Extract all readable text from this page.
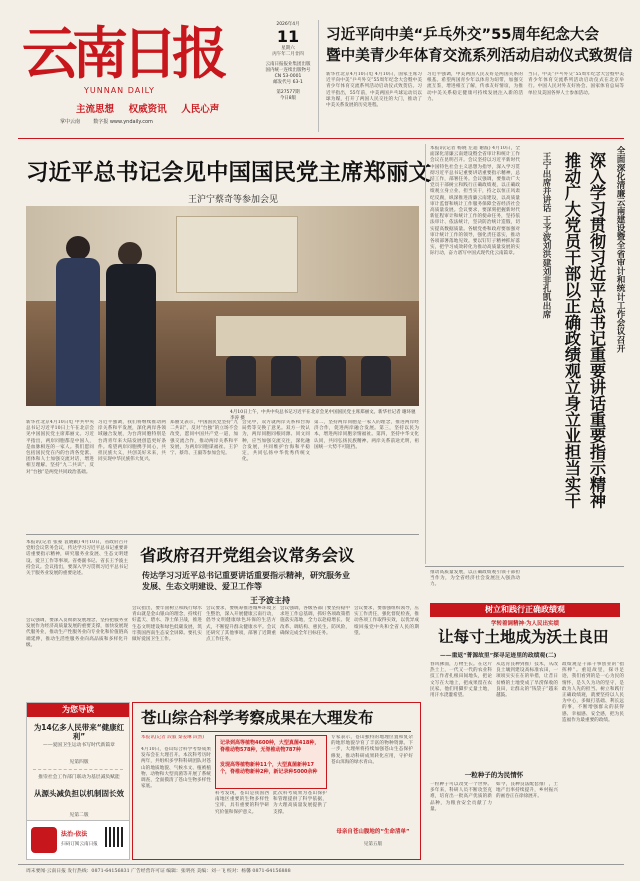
云南日报
YUNNAN DAILY
主流思想 权威资讯 人民心声
掌中云南	数字报 www.yndaily.com
2026年4月
11
星期六
丙午年二月廿四
云南日报报业集团出版
国内统一连续出版物号
CN 53-0001
邮发代号 63-1
第27577期
今日8版
习近平向中美“乒乓外交”55周年纪念大会
暨中美青少年体育交流系列活动启动仪式致贺信
新华社北京4月10日电 4月10日，国家主席习近平向中美“乒乓外交”55周年纪念大会暨中美青少年体育交流系列活动启动仪式致贺信。习近平指出，55年前，中美两国乒乓球运动员以球为媒，打开了两国人民交往的大门，推动了中美关系发展的历史进程。
习近平强调，中美两国人民友好是两国关系的根基。希望两国青少年以体育为纽带，加强交流互鉴，增进相互了解，传承友好情谊，为推动中美关系稳定健康可持续发展注入新的活力。
当日，中美“乒乓外交”55周年纪念大会暨中美青少年体育交流系列活动启动仪式在北京举行。中国人民对外友好协会、国家体育总局等单位及美国各界人士参加活动。
习近平总书记会见中国国民党主席郑丽文
王沪宁蔡奇等参加会见
4月10日上午，中共中央总书记习近平在北京会见中国国民党主席郑丽文。新华社记者 谢环驰 李涛 摄
新华社北京4月10日电 中共中央总书记习近平10日上午在北京会见中国国民党主席郑丽文。习近平指出，两岸同胞都是中国人，是血脉相连的一家人。我们愿同包括国民党在内的台湾各党派、团体和人士加强交流对话，增进相互理解。坚持“九二共识”、反对“台独”是两党共同政治基础。
习近平强调，我们将继续推动两岸关系和平发展，深化两岸各领域融合发展，为台湾同胞特别是台湾青年来大陆发展创造更好条件。希望两岸同胞携手同心，共担民族大义，共创美好未来，共同实现中华民族伟大复兴。
郑丽文表示，中国国民党坚持“九二共识”、反对“台独”的立场不会改变，愿同中国共产党一道，加强交流合作，推动两岸关系和平发展，为两岸同胞谋福祉。王沪宁、蔡奇、王毅等参加会见。
会见中，双方就两岸关系和台海局势等交换了意见。双方一致认为，两岸同胞同根同源、同文同种，应当加强交流交往，深化融合发展，共同维护台海和平稳定，共同弘扬中华优秀传统文化。
第二，坚持两岸同胞是一家人的理念，推进两岸经济合作，促进两岸融合发展。第三，坚持以民为本，增进两岸同胞亲情福祉。第四，坚持中华文化认同，共同弘扬民族精神。两岸关系前途光明，祖国统一大势不可阻挡。
本报讯(记者 杨晓 左超 谢波) 4月10日，全面深化清廉云南建设暨全省审计和统计工作会议在昆明召开。会议坚持以习近平新时代中国特色社会主义思想为指导，深入学习贯彻习近平总书记重要讲话重要指示精神，总结工作，部署任务。会议强调，要推动广大党员干部树立和践行正确政绩观，以正确政绩观立身立业、担当实干，持之以恒正风肃纪反腐，纵深推进清廉云南建设，以高质量审计监督和统计工作服务保障全省经济社会高质量发展。会议要求，要深刻把握新时代新征程审计和统计工作的使命任务，坚持依法审计、依法统计，坚决防治统计造假，切实提高数据质量。各级党委和政府要加强对审计统计工作的领导，强化责任落实，推动各项部署落地见效。要以钉钉子精神抓好落实，把学习成效转化为推动高质量发展的实际行动，奋力谱写中国式现代化云南篇章。	全面深化清廉云南建设暨全省审计和统计工作会议召开
深入学习贯彻习近平总书记重要讲话重要指示精神
推动广大党员干部以正确政绩观立身立业担当实干
王宁出席并讲话 王予波刘洪建刘非孔凯出席
本报讯(记者 张豪 袁晓颖) 4月10日，省政府召开党组会议常务会议，传达学习习近平总书记重要讲话重要指示精神，研究服务业发展、生态文明建设、爱卫工作等事项。省委副书记、省长王予波主持会议。会议指出，要深入学习贯彻习近平总书记关于服务业发展的重要论述。
省政府召开党组会议常务会议
传达学习习近平总书记重要讲话重要指示精神，研究服务业
发展、生态文明建设、爱卫工作等
王予波主持
会议强调，要深入贯彻新发展理念，坚持把服务业发展作为经济高质量发展的重要支撑，加快发展现代服务业，推动生产性服务业向专业化和价值链高端延伸，推动生活性服务业向高品质和多样化升级。
会议指出，要牢固树立和践行绿水青山就是金山银山的理念，持续打好蓝天、碧水、净土保卫战，推进生态文明建设和绿色低碳发展，筑牢我国西南生态安全屏障。要扎实做好爱国卫生工作。
会议要求，要统筹推进城乡环境卫生整治，深入开展健康云南行动，倡导文明健康绿色环保的生活方式，不断提升群众健康水平。会议还研究了其他事项，部署了近期重点工作任务。
会议强调，各级各部门要坚持稳中求进工作总基调，抓好各项政策措施落实落地，全力以赴稳增长、促改革、调结构、惠民生、防风险，确保完成全年目标任务。
会议要求，要加强组织领导，压实工作责任，强化督促检查，推动各项工作取得实效，以优异成绩回报党中央和全省人民的期望。
为您导读
为14亿多人民带来“健康红利”
——爱国卫生运动书写时代新篇章
见第四版
推崇社会工作部门联动为基层减负赋能
从源头减负担以机制固长效
见第二版
法治·依法
扫码订阅云南日报
苍山综合科学考察成果在大理发布
本报讯(记者 段毅 秦姜琳 段然)
4月10日，苍山综合科学考察成果发布会在大理召开。本次科考历时两年，共组织多学科科研团队对苍山的地质地貌、气候水文、植被植物、动物和大型真菌等开展了系统调查，全面摸清了苍山生物多样性家底。
记录到高等植物4600种，大型真菌418种，脊椎动物578种，无脊椎动物787种
发现高等植物新种11个，大型真菌新种17个，脊椎动物新种2种，新记录种5000余种
科考发现，苍山是我国西南地区重要的生物多样性宝库，具有重要的科学研究价值和保护意义。
此次科考成果为苍山保护和管理提供了科学依据，为大理高质量发展提供了支撑。
专家表示，苍山独特的地理位置和复杂的地形地貌孕育了丰富的物种资源。下一步，大理州将持续加强苍山生态保护修复，推动科研成果转化应用，守护好苍山洱海的绿水青山。
母亲自苍山腹地的“生命清单”
见第五版
推动高质量发展，以正确政绩观引领干部担当作为，为全省经济社会发展注入强劲动力。
树立和践行正确政绩观
学转着调精神·为人民出实绩
让每寸土地成为沃土良田
——重返“菁源故里”探寻足迹里的政绩观(二)
春风拂面，万物生长。在这片热土上，一代又一代的农业科技工作者扎根田间地头，把论文写在大地上，把成果留在农民家。他们用脚步丈量土地，用汗水浇灌希望。
从选育良种到推广技术，从改良土壤到建设高标准农田，一项项实实在在的举措，让昔日贫瘠的土地变成了旱涝保收的良田，让群众的“钱袋子”越来越鼓。
政绩观是干部干事创业的“指挥棒”。重返故里，探寻足迹，我们看到的是一心为民的情怀，是久久为功的坚守，是敢为人先的担当。树立和践行正确政绩观，就要坚持以人民为中心，多做打基础、利长远的事，不断增强群众的获得感、幸福感、安全感，把为民造福作为最重要的政绩。
一粒种子的为民情怀
一粒种子可以改变一个世界。多年来，科研人员不断攻坚克难，培育出一批高产优质的新品种，为粮食安全贡献了力量。
如今，良种良法配套推广，土地产出率持续提升，乡村振兴的画卷正在徐徐展开。
周末要闻·云南日报 发行热线：0871-64156831 广告经营许可证 编辑：张明亮 美编：刘一飞 校对：杨馨 0871-64156888
